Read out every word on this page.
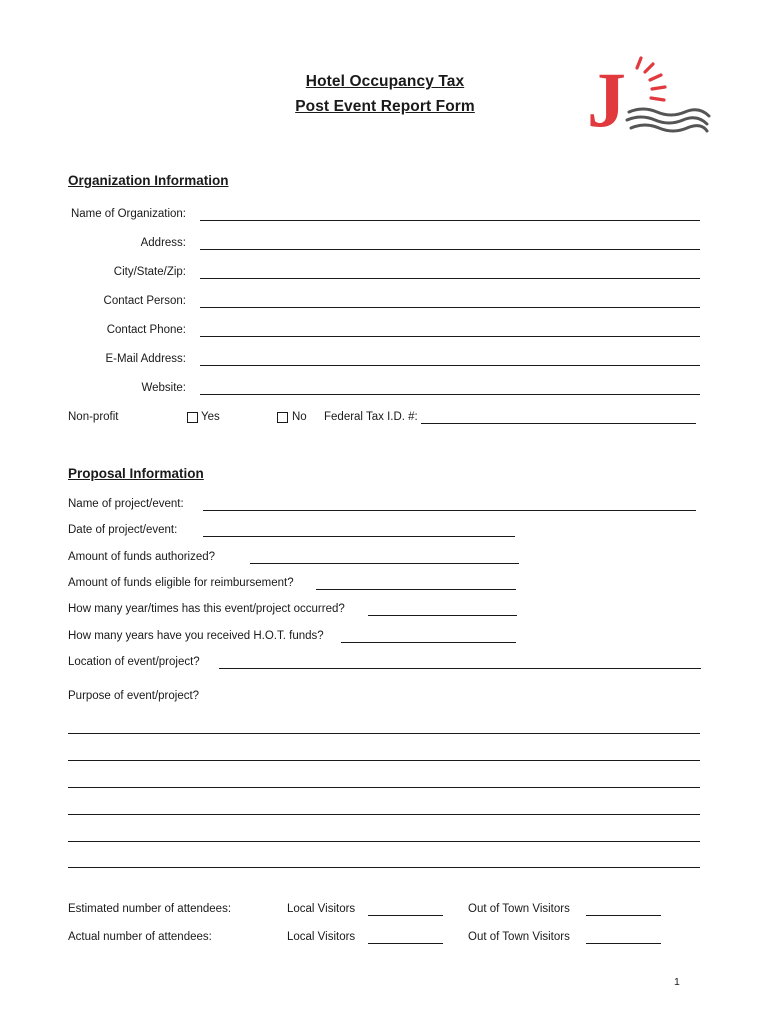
Hotel Occupancy Tax
Post Event Report Form	J
Organization Information
Name of Organization:
Address:
City/State/Zip:
Contact Person:
Contact Phone:
E-Mail Address:
Website:
Non-profit	Yes	No Federal Tax I.D. #:
Proposal Information
Name of project/event:
Date of project/event:
Amount of funds authorized?
Amount of funds eligible for reimbursement?
How many year/times has this event/project occurred?
How many years have you received H.O.T. funds?
Location of event/project?
Purpose of event/project?
Estimated number of attendees:	Local Visitors	Out of Town Visitors
Actual number of attendees:	Local Visitors	Out of Town Visitors
1
